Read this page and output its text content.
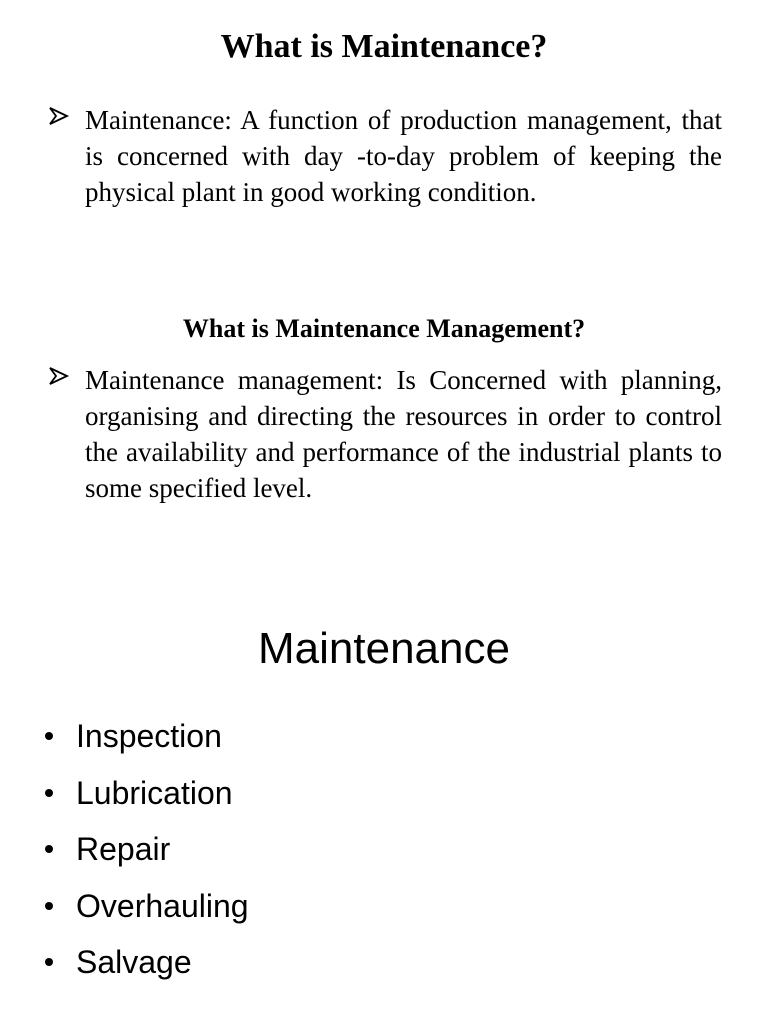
What is Maintenance?
Maintenance: A function of production management, that is concerned with day -to-day problem of keeping the physical plant in good working condition.
What is Maintenance Management?
Maintenance management: Is Concerned with planning, organising and directing the resources in order to control the availability and performance of the industrial plants to some specified level.
Maintenance
Inspection
Lubrication
Repair
Overhauling
Salvage
